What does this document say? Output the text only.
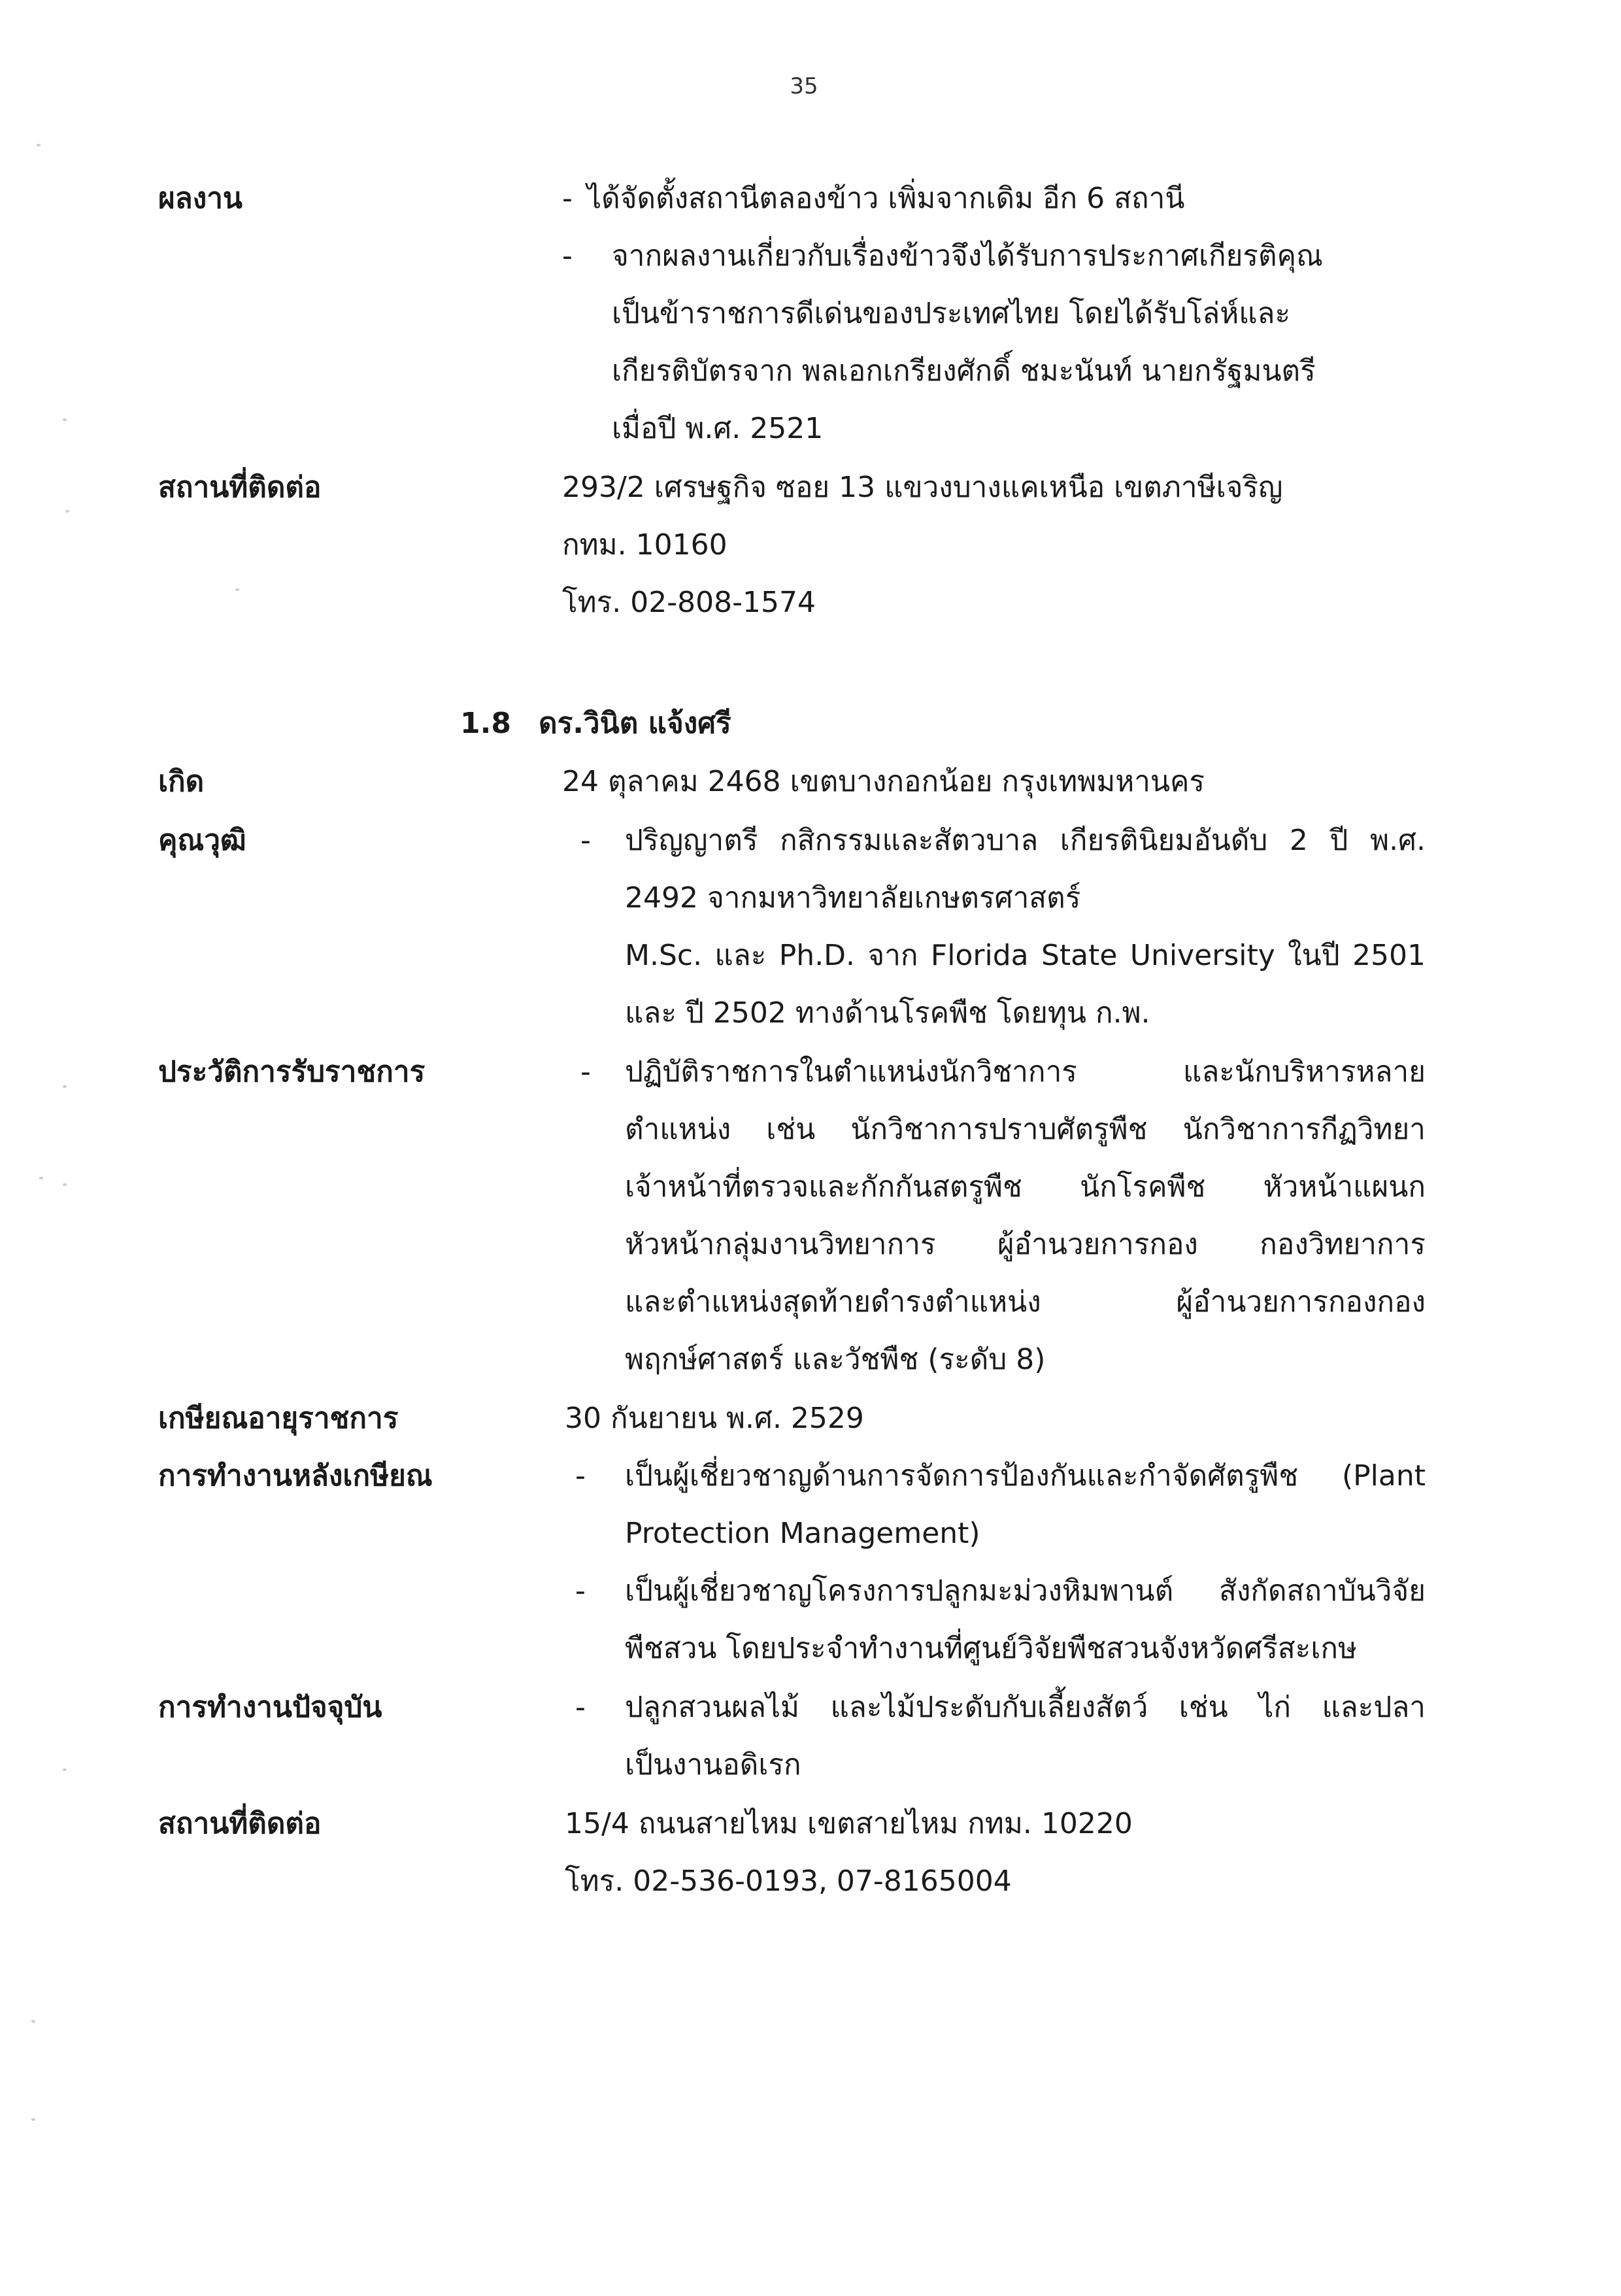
35
ผลงาน	- ได้จัดตั้งสถานีตลองข้าว เพิ่มจากเดิม อีก 6 สถานี
- จากผลงานเกี่ยวกับเรื่องข้าวจึงได้รับการประกาศเกียรติคุณ
เป็นข้าราชการดีเด่นของประเทศไทย โดยได้รับโล่ห์และ
เกียรติบัตรจาก พลเอกเกรียงศักดิ์ ชมะนันท์ นายกรัฐมนตรี
เมื่อปี พ.ศ. 2521
สถานที่ติดต่อ	293/2 เศรษฐกิจ ซอย 13 แขวงบางแคเหนือ เขตภาษีเจริญ
กทม. 10160
โทร. 02-808-1574
1.8 ดร.วินิต แจ้งศรี
เกิด	24 ตุลาคม 2468 เขตบางกอกน้อย กรุงเทพมหานคร
คุณวุฒิ	- ปริญญาตรี กสิกรรมและสัตวบาล เกียรตินิยมอันดับ 2 ปี พ.ศ.
2492 จากมหาวิทยาลัยเกษตรศาสตร์
M.Sc. และ Ph.D. จาก Florida State University ในปี 2501
และ ปี 2502 ทางด้านโรคพืช โดยทุน ก.พ.
ประวัติการรับราชการ	- ปฏิบัติราชการในตำแหน่งนักวิชาการ และนักบริหารหลาย
ตำแหน่ง เช่น นักวิชาการปราบศัตรูพืช นักวิชาการกีฏวิทยา
เจ้าหน้าที่ตรวจและกักกันสตรูพืช นักโรคพืช หัวหน้าแผนก
หัวหน้ากลุ่มงานวิทยาการ ผู้อำนวยการกอง กองวิทยาการ
และตำแหน่งสุดท้ายดำรงตำแหน่ง ผู้อำนวยการกองกอง
พฤกษ์ศาสตร์ และวัชพืช (ระดับ 8)
เกษียณอายุราชการ	30 กันยายน พ.ศ. 2529
การทำงานหลังเกษียณ	- เป็นผู้เชี่ยวชาญด้านการจัดการป้องกันและกำจัดศัตรูพืช (Plant
Protection Management)
- เป็นผู้เชี่ยวชาญโครงการปลูกมะม่วงหิมพานต์ สังกัดสถาบันวิจัย
พืชสวน โดยประจำทำงานที่ศูนย์วิจัยพืชสวนจังหวัดศรีสะเกษ
การทำงานปัจจุบัน	- ปลูกสวนผลไม้ และไม้ประดับกับเลี้ยงสัตว์ เช่น ไก่ และปลา
เป็นงานอดิเรก
สถานที่ติดต่อ	15/4 ถนนสายไหม เขตสายไหม กทม. 10220
โทร. 02-536-0193, 07-8165004
